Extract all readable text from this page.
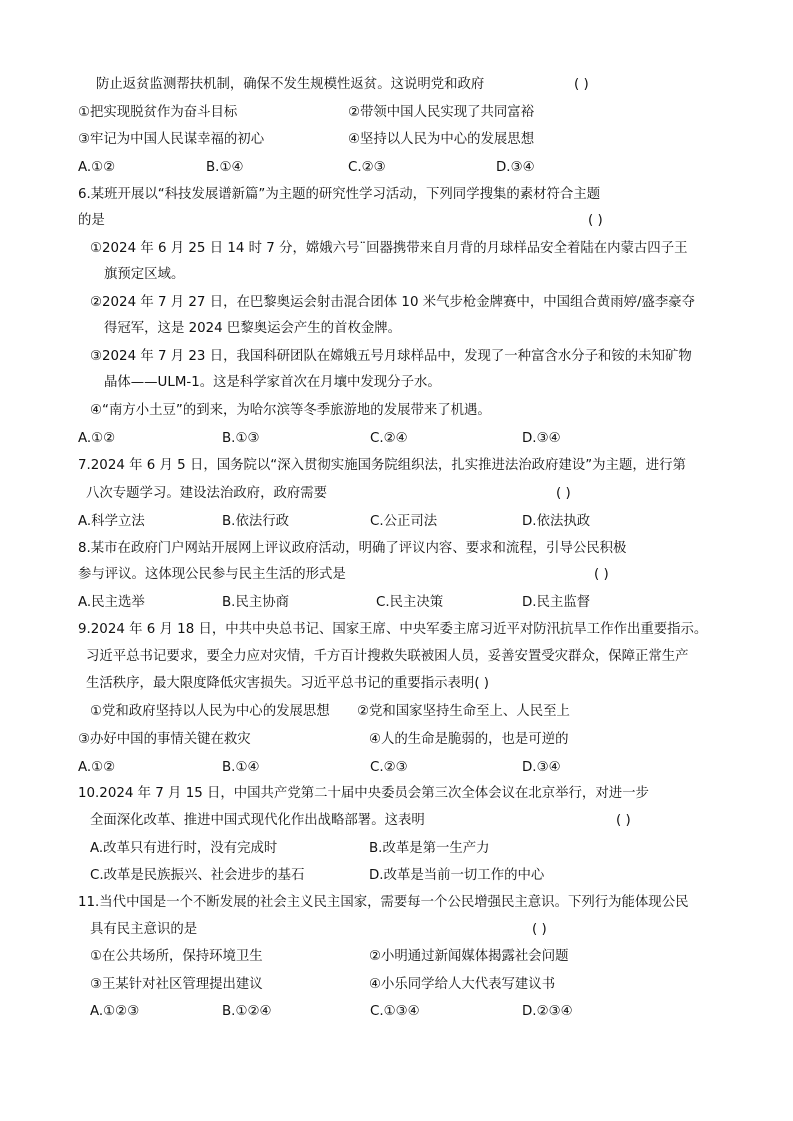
防止返贫监测帮扶机制，确保不发生规模性返贫。这说明党和政府	( )
①把实现脱贫作为奋斗目标	②带领中国人民实现了共同富裕
③牢记为中国人民谋幸福的初心	④坚持以人民为中心的发展思想
A.①②	B.①④	C.②③	D.③④
6.某班开展以“科技发展谱新篇”为主题的研究性学习活动，下列同学搜集的素材符合主题
的是	( )
①2024 年 6 月 25 日 14 时 7 分，嫦娥六号¨回器携带来自月背的月球样品安全着陆在内蒙古四子王
旗预定区域。
②2024 年 7 月 27 日，在巴黎奥运会射击混合团体 10 米气步枪金牌赛中，中国组合黄雨婷/盛李豪夺
得冠军，这是 2024 巴黎奥运会产生的首枚金牌。
③2024 年 7 月 23 日，我国科研团队在嫦娥五号月球样品中，发现了一种富含水分子和铵的未知矿物
晶体——ULM-1。这是科学家首次在月壤中发现分子水。
④“南方小土豆”的到来，为哈尔滨等冬季旅游地的发展带来了机遇。
A.①②	B.①③	C.②④	D.③④
7.2024 年 6 月 5 日，国务院以“深入贯彻实施国务院组织法，扎实推进法治政府建设”为主题，进行第
八次专题学习。建设法治政府，政府需要	( )
A.科学立法	B.依法行政	C.公正司法	D.依法执政
8.某市在政府门户网站开展网上评议政府活动，明确了评议内容、要求和流程，引导公民积极
参与评议。这体现公民参与民主生活的形式是	( )
A.民主选举	B.民主协商	C.民主决策	D.民主监督
9.2024 年 6 月 18 日，中共中央总书记、国家王席、中央军委主席习近平对防汛抗旱工作作出重要指示。
习近平总书记要求，要全力应对灾情，千方百计搜救失联被困人员，妥善安置受灾群众，保障正常生产
生活秩序，最大限度降低灾害损失。习近平总书记的重要指示表明( )
①党和政府坚持以人民为中心的发展思想 ②党和国家坚持生命至上、人民至上
③办好中国的事情关键在救灾	④人的生命是脆弱的，也是可逆的
A.①②	B.①④	C.②③	D.③④
10.2024 年 7 月 15 日，中国共产党第二十届中央委员会第三次全体会议在北京举行，对进一步
全面深化改革、推进中国式现代化作出战略部署。这表明	( )
A.改革只有进行时，没有完成时	B.改革是第一生产力
C.改革是民族振兴、社会进步的基石	D.改革是当前一切工作的中心
11.当代中国是一个不断发展的社会主义民主国家，需要每一个公民增强民主意识。下列行为能体现公民
具有民主意识的是	( )
①在公共场所，保持环境卫生	②小明通过新闻媒体揭露社会问题
③王某针对社区管理提出建议	④小乐同学给人大代表写建议书
A.①②③	B.①②④	C.①③④	D.②③④
